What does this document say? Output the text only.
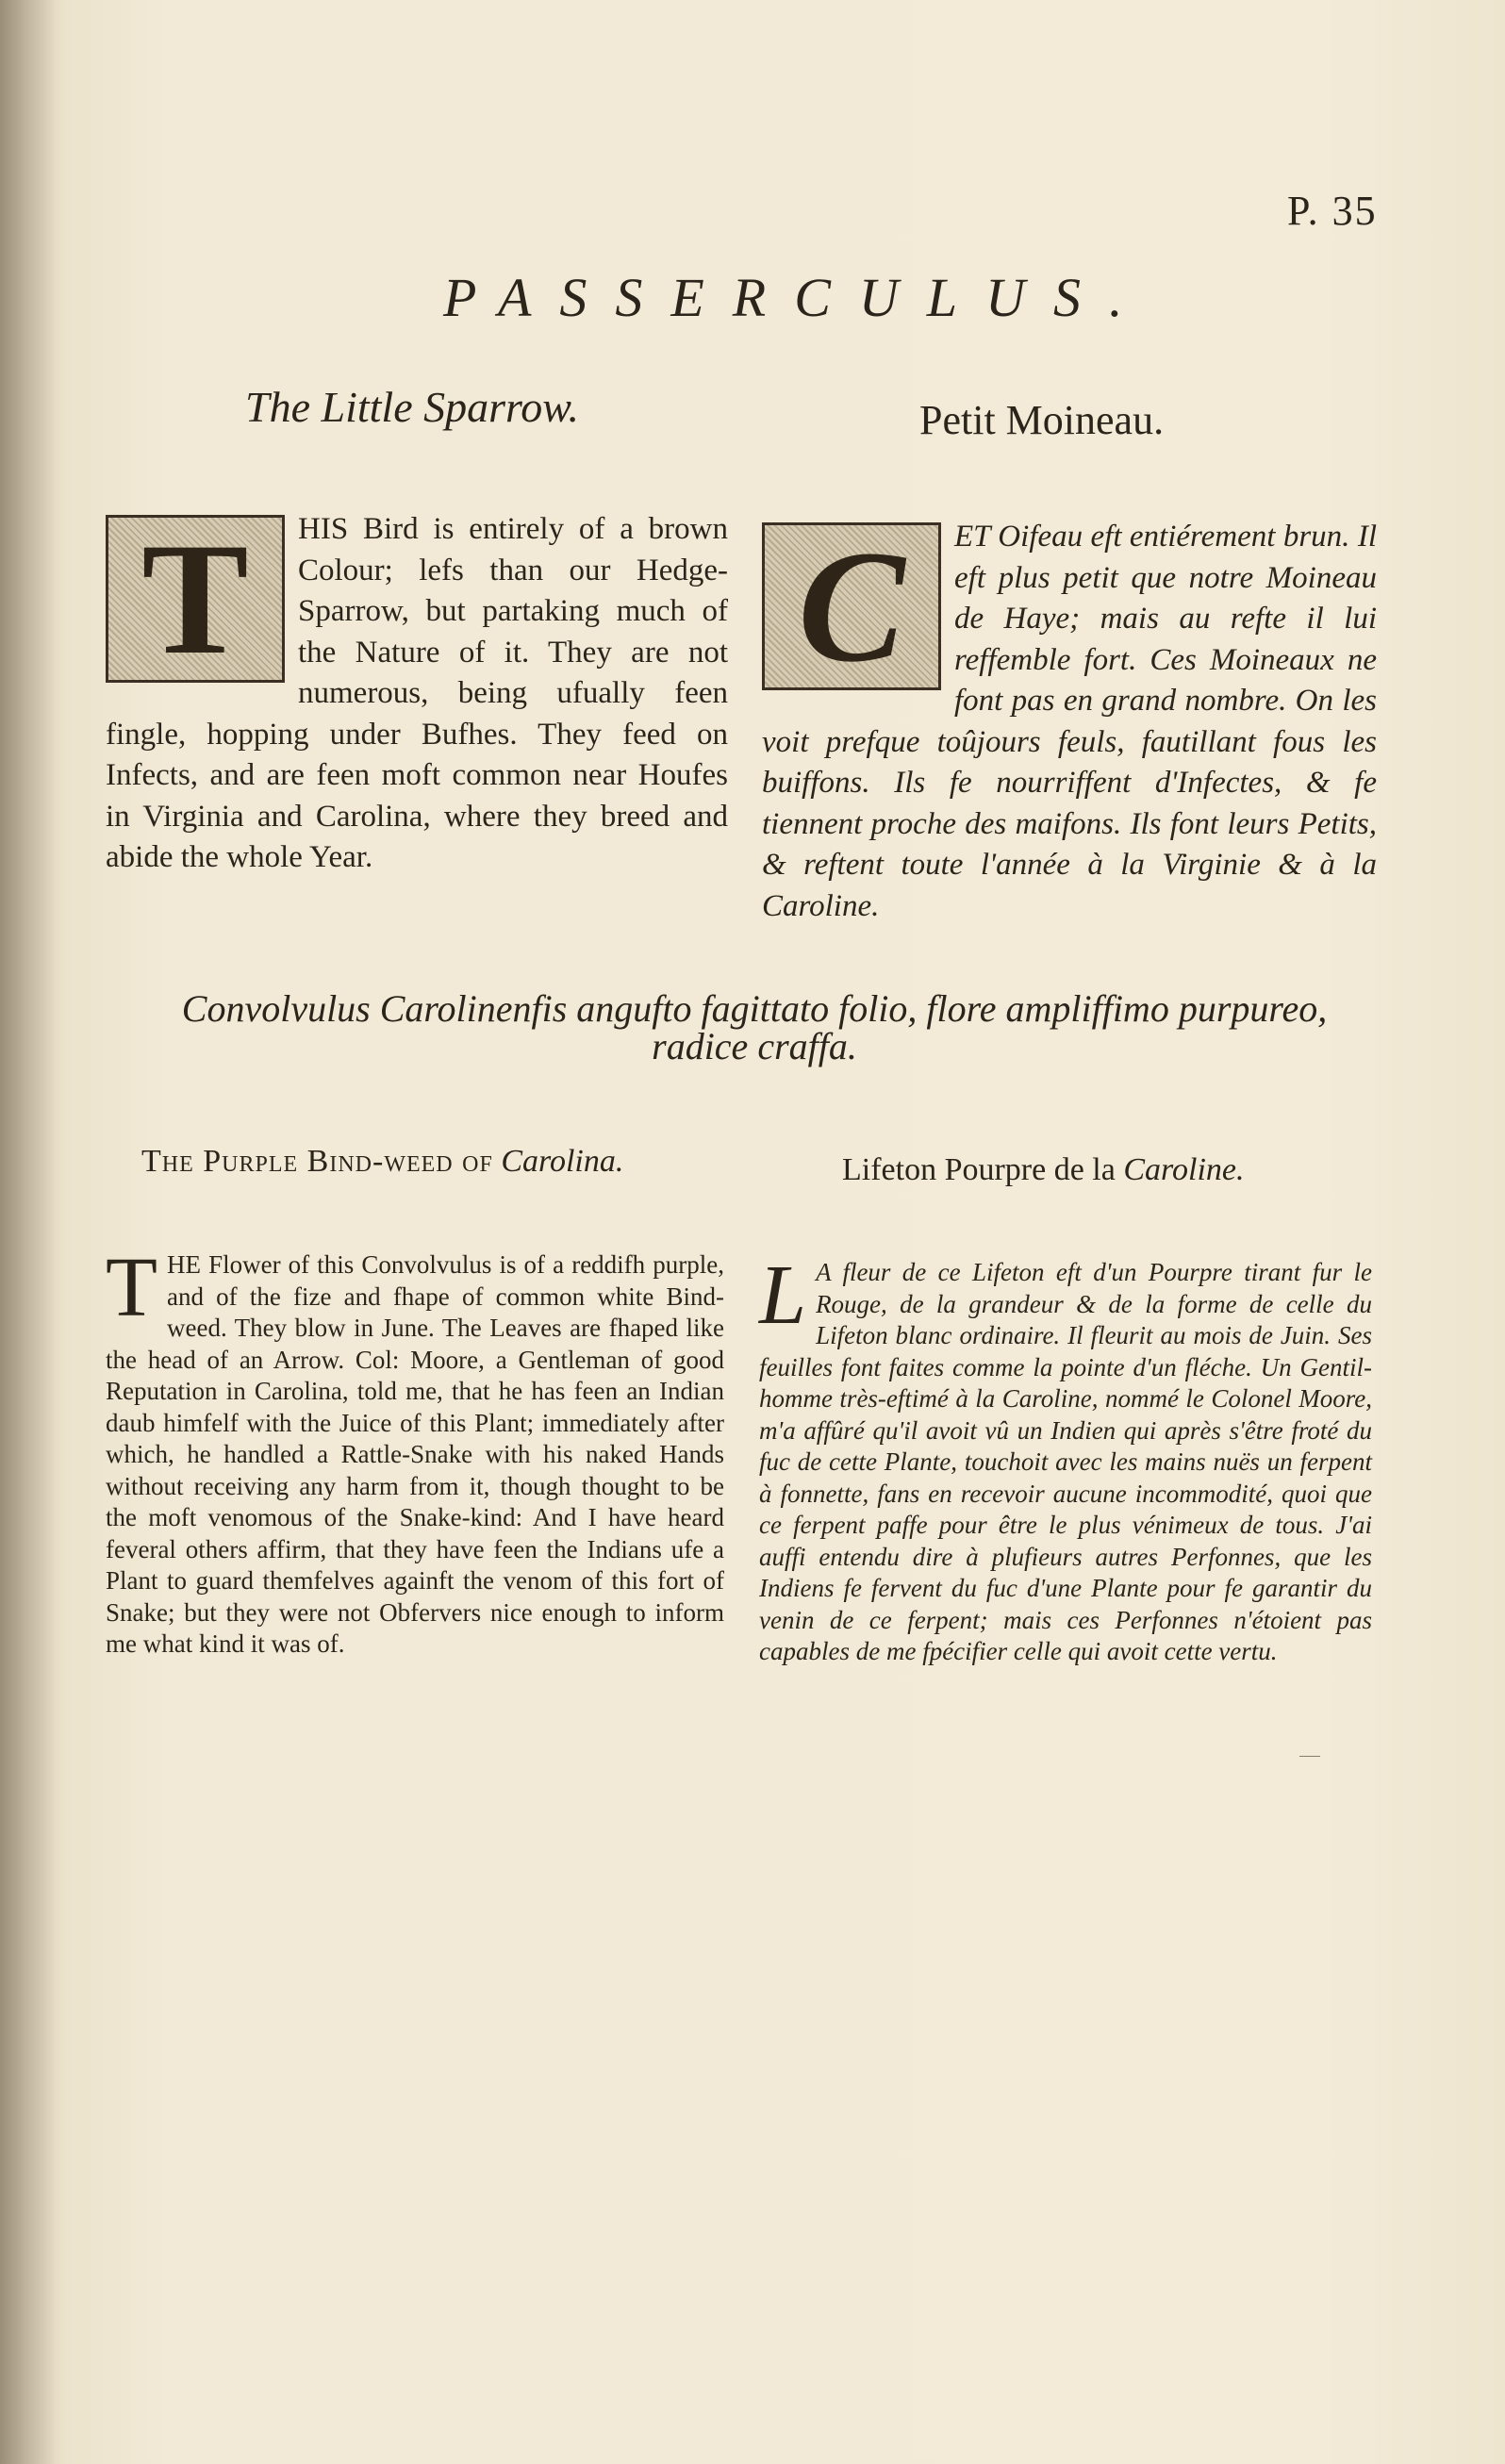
P. 35
PASSERCULUS.
The Little Sparrow.	Petit Moineau.
T	HIS Bird is entirely of a brown Colour; lefs than our Hedge-Sparrow, but partaking much of the Nature of it. They are not numerous, being ufually feen fingle, hopping under Bufhes. They feed on Infects, and are feen moft common near Houfes in Virginia and Carolina, where they breed and abide the whole Year.
C	ET Oifeau eft entiérement brun. Il eft plus petit que notre Moineau de Haye; mais au refte il lui reffemble fort. Ces Moineaux ne font pas en grand nombre. On les voit prefque toûjours feuls, fautillant fous les buiffons. Ils fe nourriffent d'Infectes, & fe tiennent proche des maifons. Ils font leurs Petits, & reftent toute l'année à la Virginie & à la Caroline.
Convolvulus Carolinenfis angufto fagittato folio, flore ampliffimo purpureo, radice craffa.
The Purple Bind-weed of Carolina.	Lifeton Pourpre de la Caroline.
T HE Flower of this Convolvulus is of a reddifh purple, and of the fize and fhape of common white Bind-weed. They blow in June. The Leaves are fhaped like the head of an Arrow. Col: Moore, a Gentleman of good Reputation in Carolina, told me, that he has feen an Indian daub himfelf with the Juice of this Plant; immediately after which, he handled a Rattle-Snake with his naked Hands without receiving any harm from it, though thought to be the moft venomous of the Snake-kind: And I have heard feveral others affirm, that they have feen the Indians ufe a Plant to guard themfelves againft the venom of this fort of Snake; but they were not Obfervers nice enough to inform me what kind it was of.
L A fleur de ce Lifeton eft d'un Pourpre tirant fur le Rouge, de la grandeur & de la forme de celle du Lifeton blanc ordinaire. Il fleurit au mois de Juin. Ses feuilles font faites comme la pointe d'un fléche. Un Gentil-homme très-eftimé à la Caroline, nommé le Colonel Moore, m'a affûré qu'il avoit vû un Indien qui après s'être froté du fuc de cette Plante, touchoit avec les mains nuës un ferpent à fonnette, fans en recevoir aucune incommodité, quoi que ce ferpent paffe pour être le plus vénimeux de tous. J'ai auffi entendu dire à plufieurs autres Perfonnes, que les Indiens fe fervent du fuc d'une Plante pour fe garantir du venin de ce ferpent; mais ces Perfonnes n'étoient pas capables de me fpécifier celle qui avoit cette vertu.
